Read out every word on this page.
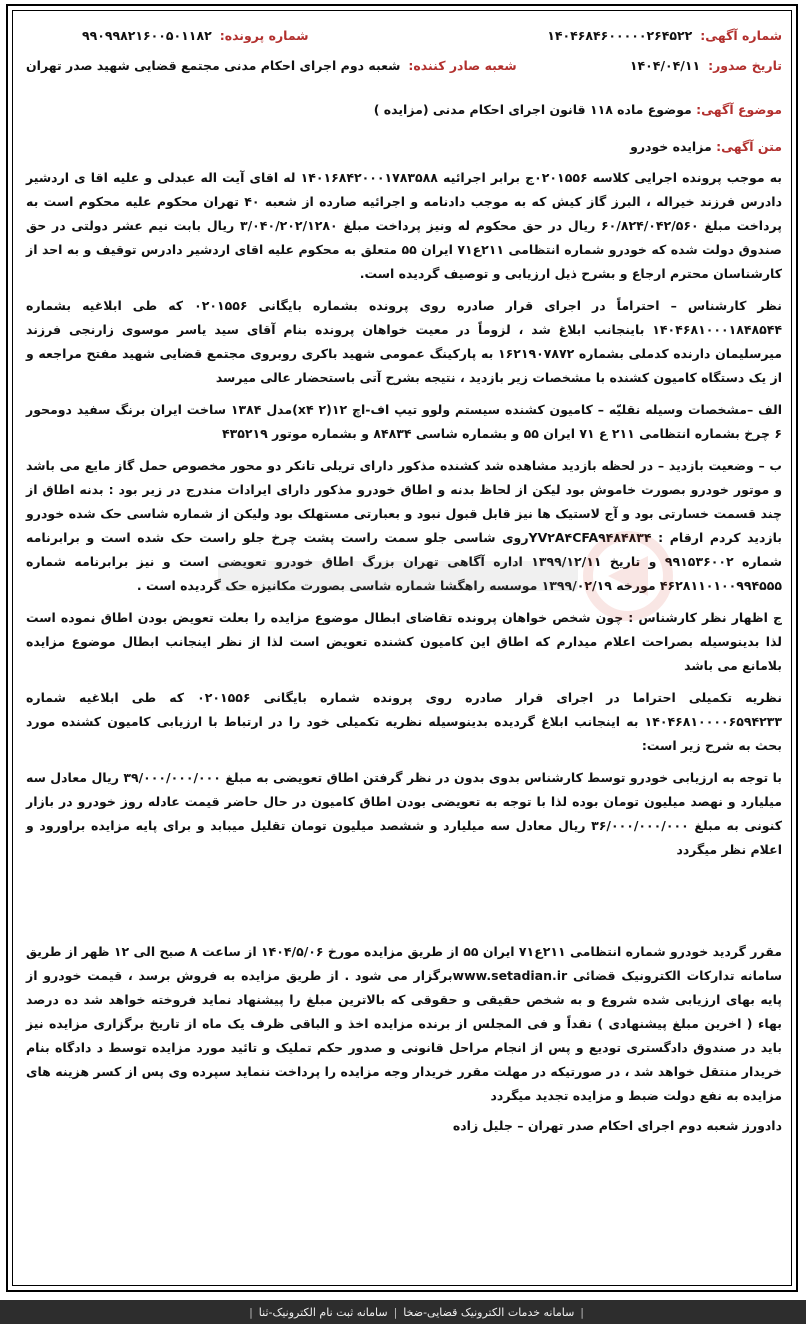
شماره آگهی:
۱۴۰۴۶۸۴۶۰۰۰۰۰۲۶۴۵۲۲
شماره پرونده:
۹۹۰۹۹۸۲۱۶۰۰۵۰۱۱۸۲
تاریخ صدور:
۱۴۰۴/۰۴/۱۱
شعبه صادر کننده:
شعبه دوم اجرای احکام مدنی مجتمع قضایی شهید صدر تهران
موضوع آگهی: موضوع ماده ۱۱۸ قانون اجرای احکام مدنی (مزایده )
متن آگهی: مزایده خودرو

به موجب پرونده اجرایی کلاسه ۰۲۰۱۵۵۶ج برابر اجرائیه ۱۴۰۱۶۸۴۲۰۰۰۱۷۸۳۵۸۸ له اقای آیت اله عبدلی و علیه اقا ی اردشیر دادرس فرزند خیراله ، البرز گاز کیش که به موجب دادنامه و اجرائیه صارده از شعبه ۴۰ تهران محکوم علیه محکوم است به پرداخت مبلغ ۶۰/۸۲۴/۰۴۲/۵۶۰ ریال در حق محکوم له ونیز پرداخت مبلغ ۳/۰۴۰/۲۰۲/۱۲۸۰ ریال بابت نیم عشر دولتی در حق صندوق دولت شده که خودرو شماره انتظامی ۲۱۱ع۷۱ ایران ۵۵ متعلق به محکوم علیه اقای اردشیر دادرس توقیف و به احد از کارشناسان محترم ارجاع و بشرح ذیل ارزیابی و توصیف گردیده است.

نظر کارشناس – احتراماً در اجرای قرار صادره روی پرونده بشماره بایگانی ۰۲۰۱۵۵۶ که طی ابلاغیه بشماره ۱۴۰۴۶۸۱۰۰۰۱۸۴۸۵۴۴ باینجانب ابلاغ شد ، لزوماً در معیت خواهان پرونده بنام آقای سید یاسر موسوی زارنجی فرزند میرسلیمان دارنده کدملی بشماره ۱۶۲۱۹۰۷۸۷۲ به پارکینگ عمومی شهید باکری روبروی مجتمع قضایی شهید مفتح مراجعه و از یک دستگاه کامیون کشنده با مشخصات زیر بازدید ، نتیجه بشرح آتی باستحضار عالی میرسد

الف –مشخصات وسیله نقلیّه – کامیون کشنده سیستم ولوو تیپ اف-اچ ۱۲(۲ x۴)مدل ۱۳۸۴ ساخت ایران برنگ سفید دومحور ۶ چرخ بشماره انتظامی ۲۱۱ ع ۷۱ ایران ۵۵ و بشماره شاسی ۸۴۸۳۴ و بشماره موتور ۴۳۵۲۱۹

ب – وضعیت بازدید – در لحظه بازدید مشاهده شد کشنده مذکور دارای تریلی تانکر دو محور مخصوص حمل گاز مایع می باشد و موتور خودرو بصورت خاموش بود لیکن از لحاظ بدنه و اطاق خودرو مذکور دارای ایرادات مندرج در زیر بود : بدنه اطاق از چند قسمت خسارتی بود و آج لاستیک ها نیز قابل قبول نبود و بعبارتی مستهلک بود ولیکن از شماره شاسی حک شده خودرو بازدید کردم ارقام : YV۲A۴CFA۹۴۸۴۸۳۴روی شاسی جلو سمت راست پشت چرخ جلو راست حک شده است و برابرنامه شماره ۹۹۱۵۳۶۰۰۲ و تاریخ ۱۳۹۹/۱۲/۱۱ اداره آگاهی تهران بزرگ اطاق خودرو تعویضی است و نیز برابرنامه شماره ۴۶۲۸۱۱۰۱۰۰۹۹۴۵۵۵ مورخه ۱۳۹۹/۰۲/۱۹ موسسه راهگشا شماره شاسی بصورت مکانیزه حک گردیده است .

ج اظهار نظر کارشناس : چون شخص خواهان پرونده تقاضای ابطال موضوع مزایده را بعلت تعویض بودن اطاق نموده است لذا بدینوسیله بصراحت اعلام میدارم که اطاق این کامیون کشنده تعویض است لذا از نظر اینجانب ابطال موضوع مزایده بلامانع می باشد

نظریه تکمیلی احتراما در اجرای قرار صادره روی پرونده شماره بایگانی ۰۲۰۱۵۵۶ که طی ابلاغیه شماره ۱۴۰۴۶۸۱۰۰۰۰۶۵۹۴۲۳۳ به اینجانب ابلاغ گردیده بدینوسیله نظریه تکمیلی خود را در ارتباط با ارزیابی کامیون کشنده مورد بحث به شرح زیر است:

با توجه به ارزیابی خودرو توسط کارشناس بدوی بدون در نظر گرفتن اطاق تعویضی به مبلغ ۳۹/۰۰۰/۰۰۰/۰۰۰ ریال معادل سه میلیارد و نهصد میلیون تومان بوده لذا با توجه به تعویضی بودن اطاق کامیون در حال حاضر قیمت عادله روز خودرو در بازار کنونی به مبلغ ۳۶/۰۰۰/۰۰۰/۰۰۰ ریال معادل سه میلیارد و ششصد میلیون تومان تقلیل میبابد و برای پایه مزایده براورود و اعلام نظر میگردد

مقرر گردید خودرو شماره انتظامی ۲۱۱ع۷۱ ایران ۵۵ از طریق مزایده مورخ ۱۴۰۴/۵/۰۶ از ساعت ۸ صبح الی ۱۲ ظهر از طریق سامانه تدارکات الکترونیک قضائی www.setadian.irبرگزار می شود . از طریق مزایده به فروش برسد ، قیمت خودرو از پایه بهای ارزیابی شده شروع و به شخص حقیقی و حقوقی که بالاترین مبلغ را پیشنهاد نماید فروخته خواهد شد ده درصد بهاء ( اخرین مبلغ پیشنهادی ) نقداً و فی المجلس از برنده مزایده اخذ و الباقی ظرف یک ماه از تاریخ برگزاری مزایده نیز باید در صندوق دادگستری تودیع و پس از انجام مراحل قانونی و صدور حکم تملیک و تائید مورد مزایده توسط د دادگاه بنام خریدار منتقل خواهد شد ، در صورتیکه در مهلت مقرر خریدار وجه مزایده را پرداخت ننماید سپرده وی پس از کسر هزینه های مزایده به نفع دولت ضبط و مزایده تجدید میگردد

دادورز شعبه دوم اجرای احکام صدر تهران – جلیل زاده
|
سامانه خدمات الکترونیک قضایی-ضخا
|
سامانه ثبت نام الکترونیک-ثنا
|
